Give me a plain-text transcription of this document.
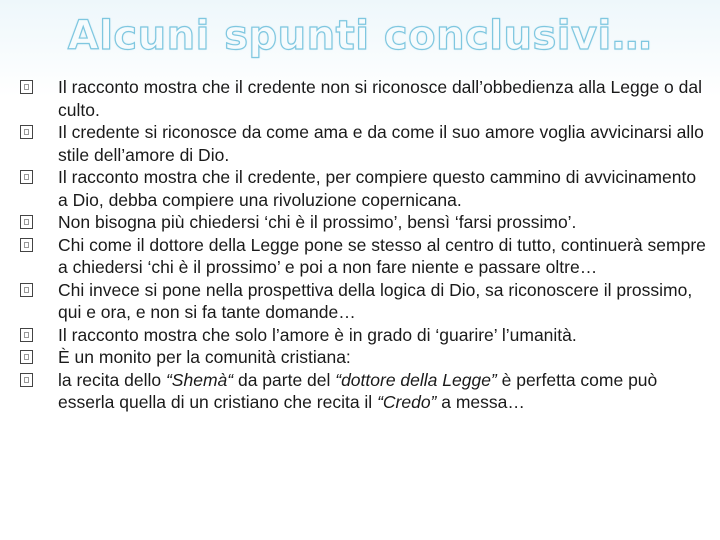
Alcuni spunti conclusivi…
Il racconto mostra che il credente non si riconosce dall’obbedienza alla Legge o dal culto.
Il credente si riconosce da come ama e da come il suo amore voglia avvicinarsi allo stile dell’amore di Dio.
Il racconto mostra che il credente, per compiere questo cammino di avvicinamento a Dio, debba compiere una rivoluzione copernicana.
Non bisogna più chiedersi ‘chi è il prossimo’, bensì ‘farsi prossimo’.
Chi come il dottore della Legge pone se stesso al centro di tutto, continuerà sempre a chiedersi ‘chi è il prossimo’ e poi a non fare niente e passare oltre…
Chi invece si pone nella prospettiva della logica di Dio, sa riconoscere il prossimo, qui e ora, e non si fa tante domande…
Il racconto mostra che solo l’amore è in grado di ‘guarire’ l’umanità.
È un monito per la comunità cristiana:
la recita dello “Shemà“ da parte del “dottore della Legge” è perfetta come può esserla quella di un cristiano che recita il “Credo” a messa…
